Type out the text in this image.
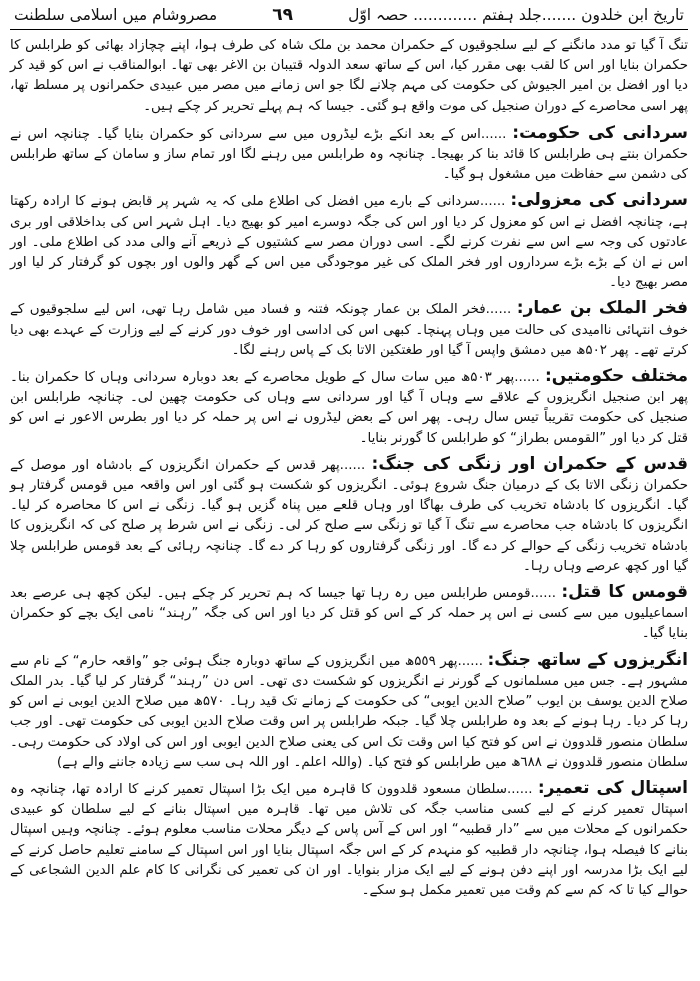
تاریخ ابن خلدون .......جلد ہفتم ............. حصہ اوّل
٦٩
مصروشام میں اسلامی سلطنت

تنگ آ گیا تو مدد مانگنے کے لیے سلجوقیوں کے حکمران محمد بن ملک شاہ کی طرف ہوا، اپنے چچازاد بھائی کو طرابلس کا حکمران بنایا اور اس کا لقب بھی مقرر کیا، اس کے ساتھ سعد الدولہ قتیبان بن الاغر بھی تھا۔ ابوالمناقب نے اس کو قید کر دیا اور افضل بن امیر الجیوش کی حکومت کی مہم چلانے لگا جو اس زمانے میں مصر میں عبیدی حکمرانوں پر مسلط تھا، پھر اسی محاصرے کے دوران صنجیل کی موت واقع ہو گئی۔ جیسا کہ ہم پہلے تحریر کر چکے ہیں۔

سردانی کی حکومت: ......اس کے بعد انکے بڑے لیڈروں میں سے سردانی کو حکمران بنایا گیا۔ چنانچہ اس نے حکمران بنتے ہی طرابلس کا قائد بنا کر بھیجا۔ چنانچہ وہ طرابلس میں رہنے لگا اور تمام ساز و سامان کے ساتھ طرابلس کی دشمن سے حفاظت میں مشغول ہو گیا۔

سردانی کی معزولی: ......سردانی کے بارے میں افضل کی اطلاع ملی کہ یہ شہر پر قابض ہونے کا ارادہ رکھتا ہے، چنانچہ افضل نے اس کو معزول کر دیا اور اس کی جگہ دوسرے امیر کو بھیج دیا۔ اہل شہر اس کی بداخلاقی اور بری عادتوں کی وجہ سے اس سے نفرت کرنے لگے۔ اسی دوران مصر سے کشتیوں کے ذریعے آنے والی مدد کی اطلاع ملی۔ اور اس نے ان کے بڑے بڑے سرداروں اور فخر الملک کی غیر موجودگی میں اس کے گھر والوں اور بچوں کو گرفتار کر لیا اور مصر بھیج دیا۔

فخر الملک بن عمار: ......فخر الملک بن عمار چونکہ فتنہ و فساد میں شامل رہا تھی، اس لیے سلجوقیوں کے خوف انتہائی ناامیدی کی حالت میں وہاں پہنچا۔ کبھی اس کی اداسی اور خوف دور کرنے کے لیے وزارت کے عہدے بھی دیا کرتے تھے۔ پھر ۵٠٢ھ میں دمشق واپس آ گیا اور طغتکین الاتا بک کے پاس رہنے لگا۔

مختلف حکومتیں: ......پھر ۵٠٣ھ میں سات سال کے طویل محاصرے کے بعد دوبارہ سردانی وہاں کا حکمران بنا۔ پھر ابن صنجیل انگریزوں کے علاقے سے وہاں آ گیا اور سردانی سے وہاں کی حکومت چھین لی۔ چنانچہ طرابلس ابن صنجیل کی حکومت تقریباً تیس سال رہی۔ پھر اس کے بعض لیڈروں نے اس پر حملہ کر دیا اور بطرس الاعور نے اس کو قتل کر دیا اور ”القومس بطراز“ کو طرابلس کا گورنر بنایا۔

قدس کے حکمران اور زنگی کی جنگ: ......پھر قدس کے حکمران انگریزوں کے بادشاہ اور موصل کے حکمران زنگی الاتا بک کے درمیان جنگ شروع ہوئی۔ انگریزوں کو شکست ہو گئی اور اس واقعہ میں قومس گرفتار ہو گیا۔ انگریزوں کا بادشاہ تخریب کی طرف بھاگا اور وہاں قلعے میں پناہ گزیں ہو گیا۔ زنگی نے اس کا محاصرہ کر لیا۔ انگریزوں کا بادشاہ جب محاصرے سے تنگ آ گیا تو زنگی سے صلح کر لی۔ زنگی نے اس شرط پر صلح کی کہ انگریزوں کا بادشاہ تخریب زنگی کے حوالے کر دے گا۔ اور زنگی گرفتاروں کو رہا کر دے گا۔ چنانچہ رہائی کے بعد قومس طرابلس چلا گیا اور کچھ عرصے وہاں رہا۔

قومس کا قتل: ......قومس طرابلس میں رہ رہا تھا جیسا کہ ہم تحریر کر چکے ہیں۔ لیکن کچھ ہی عرصے بعد اسماعیلیوں میں سے کسی نے اس پر حملہ کر کے اس کو قتل کر دیا اور اس کی جگہ ”رہند“ نامی ایک بچے کو حکمران بنایا گیا۔

انگریزوں کے ساتھ جنگ: ......پھر ۵٥٩ھ میں انگریزوں کے ساتھ دوبارہ جنگ ہوئی جو ”واقعہ حارم“ کے نام سے مشہور ہے۔ جس میں مسلمانوں کے گورنر نے انگریزوں کو شکست دی تھی۔ اس دن ”رہند“ گرفتار کر لیا گیا۔ بدر الملک صلاح الدین یوسف بن ایوب ”صلاح الدین ایوبی“ کی حکومت کے زمانے تک قید رہا۔ ۵٧٠ھ میں صلاح الدین ایوبی نے اس کو رہا کر دیا۔ رہا ہونے کے بعد وہ طرابلس چلا گیا۔ جبکہ طرابلس پر اس وقت صلاح الدین ایوبی کی حکومت تھی۔ اور جب سلطان منصور قلدوون نے اس کو فتح کیا اس وقت تک اس کی یعنی صلاح الدین ایوبی اور اس کی اولاد کی حکومت رہی۔ سلطان منصور قلدوون نے ٦٨٨ھ میں طرابلس کو فتح کیا۔ (واللہ اعلم۔ اور اللہ ہی سب سے زیادہ جاننے والے ہے)

اسپتال کی تعمیر: ......سلطان مسعود قلدوون کا قاہرہ میں ایک بڑا اسپتال تعمیر کرنے کا ارادہ تھا، چنانچہ وہ اسپتال تعمیر کرنے کے لیے کسی مناسب جگہ کی تلاش میں تھا۔ قاہرہ میں اسپتال بنانے کے لیے سلطان کو عبیدی حکمرانوں کے محلات میں سے ”دار قطبیہ“ اور اس کے آس پاس کے دیگر محلات مناسب معلوم ہوئے۔ چنانچہ وہیں اسپتال بنانے کا فیصلہ ہوا، چنانچہ دار قطبیہ کو منہدم کر کے اس جگہ اسپتال بنایا اور اس اسپتال کے سامنے تعلیم حاصل کرنے کے لیے ایک بڑا مدرسہ اور اپنے دفن ہونے کے لیے ایک مزار بنوایا۔ اور ان کی تعمیر کی نگرانی کا کام علم الدین الشجاعی کے حوالے کیا تا کہ کم سے کم وقت میں تعمیر مکمل ہو سکے۔
